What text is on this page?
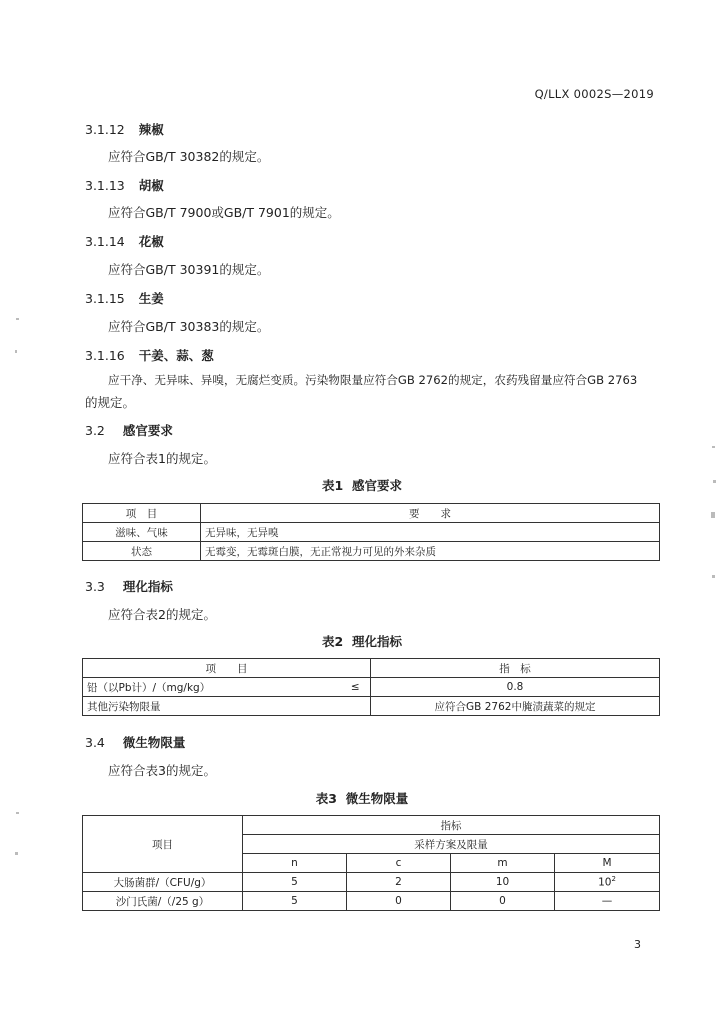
Q/LLX 0002S—2019
3.1.12 辣椒
应符合GB/T 30382的规定。
3.1.13 胡椒
应符合GB/T 7900或GB/T 7901的规定。
3.1.14 花椒
应符合GB/T 30391的规定。
3.1.15 生姜
应符合GB/T 30383的规定。
3.1.16 干姜、蒜、葱
应干净、无异味、异嗅，无腐烂变质。污染物限量应符合GB 2762的规定，农药残留量应符合GB 2763
的规定。
3.2 感官要求
应符合表1的规定。
表1  感官要求
项　目	要　　求
滋味、气味	无异味，无异嗅
状态	无霉变，无霉斑白膜，无正常视力可见的外来杂质
3.3 理化指标
应符合表2的规定。
表2  理化指标
项　　目		指　标
铅（以Pb计）/（mg/kg）	≤	0.8
其他污染物限量		应符合GB 2762中腌渍蔬菜的规定
3.4 微生物限量
应符合表3的规定。
表3  微生物限量
项目	指标			
	采样方案及限量			
	n	c	m	M
大肠菌群/（CFU/g）	5	2	10	$10^2$
沙门氏菌/（/25 g）	5	0	0	—
3
